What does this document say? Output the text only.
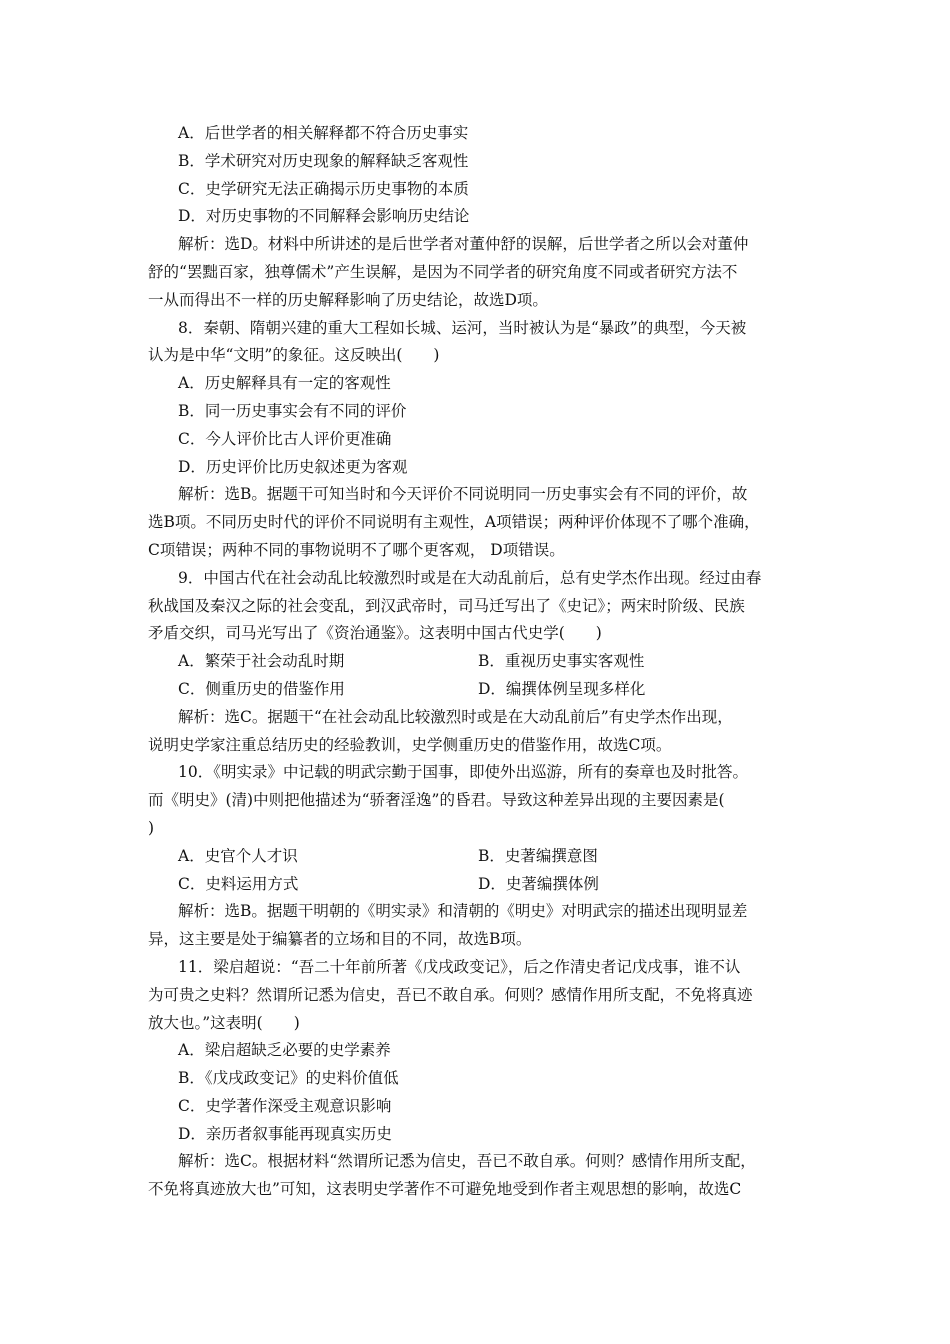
A．后世学者的相关解释都不符合历史事实
B．学术研究对历史现象的解释缺乏客观性
C．史学研究无法正确揭示历史事物的本质
D．对历史事物的不同解释会影响历史结论
解析：选D。材料中所讲述的是后世学者对董仲舒的误解，后世学者之所以会对董仲
舒的“罢黜百家，独尊儒术”产生误解，是因为不同学者的研究角度不同或者研究方法不
一从而得出不一样的历史解释影响了历史结论，故选D项。
8．秦朝、隋朝兴建的重大工程如长城、运河，当时被认为是“暴政”的典型，今天被
认为是中华“文明”的象征。这反映出(　　)
A．历史解释具有一定的客观性
B．同一历史事实会有不同的评价
C．今人评价比古人评价更准确
D．历史评价比历史叙述更为客观
解析：选B。据题干可知当时和今天评价不同说明同一历史事实会有不同的评价，故
选B项。不同历史时代的评价不同说明有主观性，A项错误；两种评价体现不了哪个准确，
C项错误；两种不同的事物说明不了哪个更客观， D项错误。
9．中国古代在社会动乱比较激烈时或是在大动乱前后，总有史学杰作出现。经过由春
秋战国及秦汉之际的社会变乱，到汉武帝时，司马迁写出了《史记》；两宋时阶级、民族
矛盾交织，司马光写出了《资治通鉴》。这表明中国古代史学(　　)
A．繁荣于社会动乱时期	B．重视历史事实客观性
C．侧重历史的借鉴作用	D．编撰体例呈现多样化
解析：选C。据题干“在社会动乱比较激烈时或是在大动乱前后”有史学杰作出现，
说明史学家注重总结历史的经验教训，史学侧重历史的借鉴作用，故选C项。
10．《明实录》中记载的明武宗勤于国事，即使外出巡游，所有的奏章也及时批答。
而《明史》(清)中则把他描述为“骄奢淫逸”的昏君。导致这种差异出现的主要因素是(
)
A．史官个人才识	B．史著编撰意图
C．史料运用方式	D．史著编撰体例
解析：选B。据题干明朝的《明实录》和清朝的《明史》对明武宗的描述出现明显差
异，这主要是处于编纂者的立场和目的不同，故选B项。
11．梁启超说：“吾二十年前所著《戊戌政变记》，后之作清史者记戊戌事，谁不认
为可贵之史料？然谓所记悉为信史，吾已不敢自承。何则？感情作用所支配，不免将真迹
放大也。”这表明(　　)
A．梁启超缺乏必要的史学素养
B．《戊戌政变记》的史料价值低
C．史学著作深受主观意识影响
D．亲历者叙事能再现真实历史
解析：选C。根据材料“然谓所记悉为信史，吾已不敢自承。何则？感情作用所支配，
不免将真迹放大也”可知，这表明史学著作不可避免地受到作者主观思想的影响，故选C
